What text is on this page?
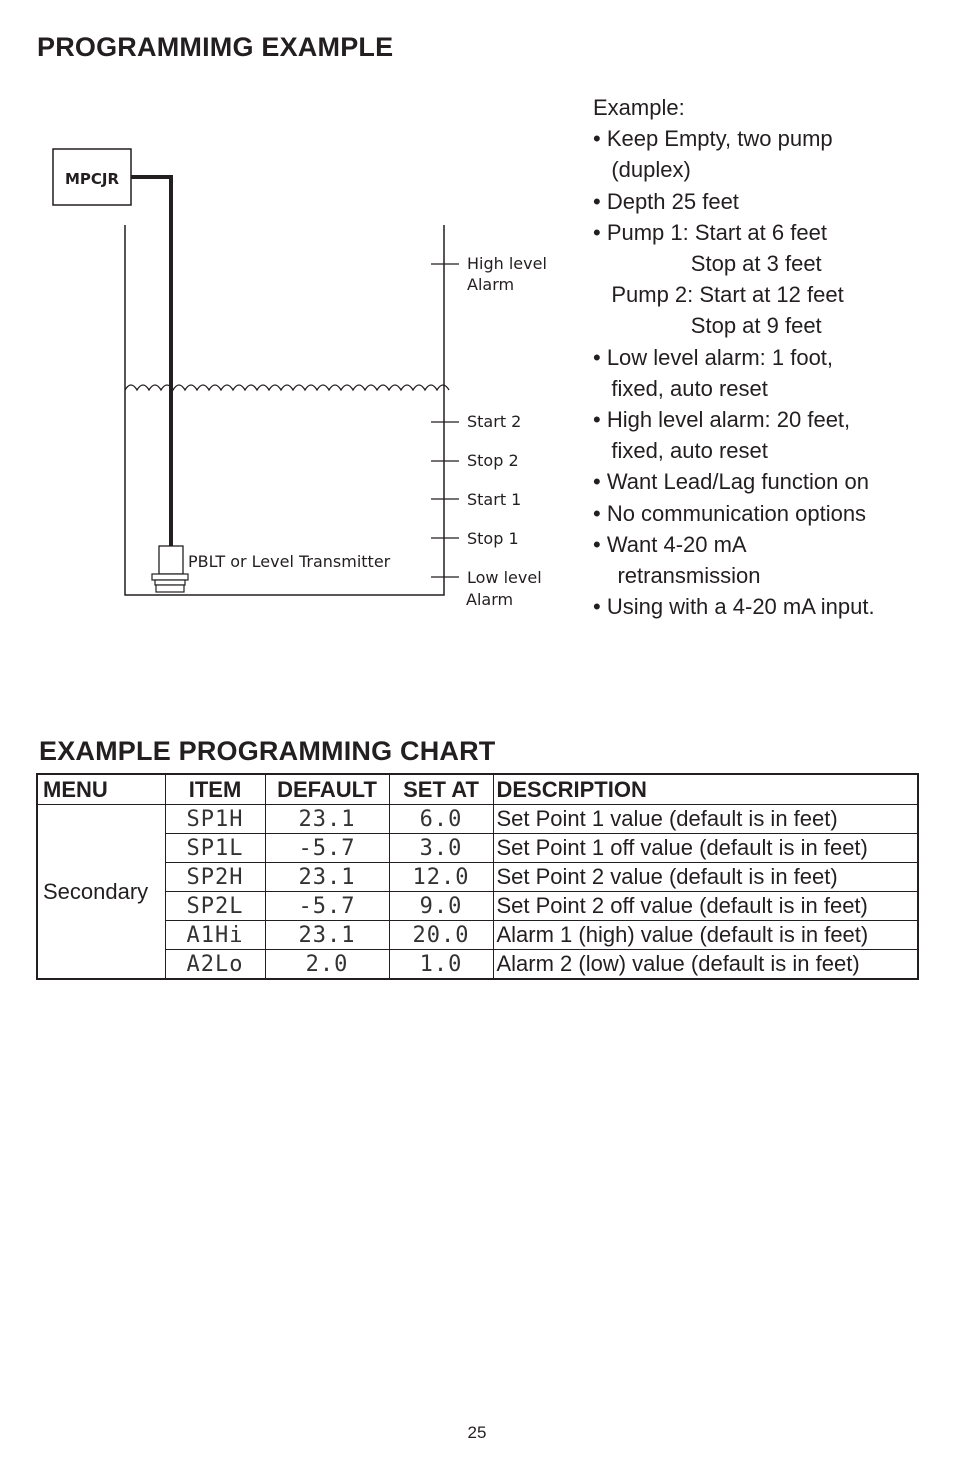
PROGRAMMIMG EXAMPLE
MPCJR
PBLT or Level Transmitter
High level
Alarm
Start 2
Stop 2
Start 1
Stop 1
Low level
Alarm
Example:
• Keep Empty, two pump
(duplex)
• Depth 25 feet
• Pump 1: Start at 6 feet
Stop at 3 feet
Pump 2: Start at 12 feet
Stop at 9 feet
• Low level alarm: 1 foot,
fixed, auto reset
• High level alarm: 20 feet,
fixed, auto reset
• Want Lead/Lag function on
• No communication options
• Want 4-20 mA
retransmission
• Using with a 4-20 mA input.
EXAMPLE PROGRAMMING CHART
MENU	ITEM	DEFAULT	SET AT	DESCRIPTION
Secondary	SP1H	23.1	6.0	Set Point 1 value (default is in feet)
	SP1L	-5.7	3.0	Set Point 1 off value (default is in feet)
	SP2H	23.1	12.0	Set Point 2 value (default is in feet)
	SP2L	-5.7	9.0	Set Point 2 off value (default is in feet)
	A1Hi	23.1	20.0	Alarm 1 (high) value (default is in feet)
	A2Lo	2.0	1.0	Alarm 2 (low) value (default is in feet)
25
